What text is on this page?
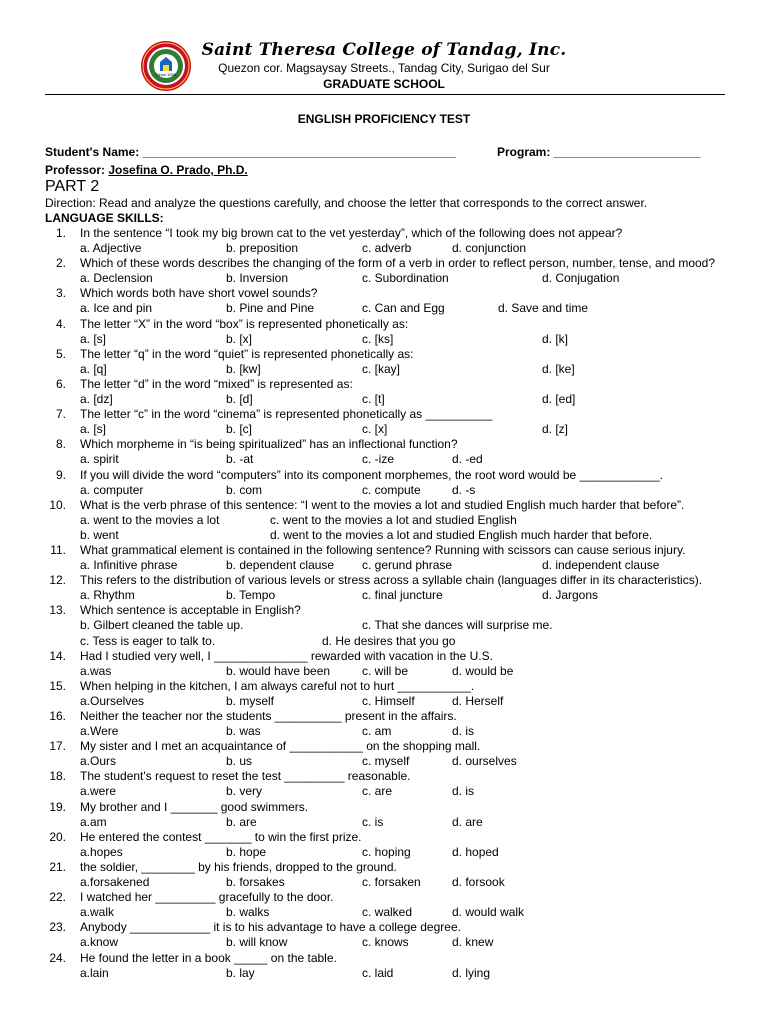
Since 1933
Saint Theresa College of Tandag, Inc.
Quezon cor. Magsaysay Streets., Tandag City, Surigao del Sur
GRADUATE SCHOOL
ENGLISH PROFICIENCY TEST
Student's Name: _______________________________________________	Program: ______________________
Professor: Josefina O. Prado, Ph.D.
PART 2
Direction: Read and analyze the questions carefully, and choose the letter that corresponds to the correct answer.
LANGUAGE SKILLS:
1. In the sentence “I took my big brown cat to the vet yesterday”, which of the following does not appear?
a. Adjective	b. preposition	c. adverb	d. conjunction
2. Which of these words describes the changing of the form of a verb in order to reflect person, number, tense, and mood?
a. Declension	b. Inversion	c. Subordination	d. Conjugation
3. Which words both have short vowel sounds?
a. Ice and pin	b. Pine and Pine	c. Can and Egg	d. Save and time
4. The letter “X” in the word “box” is represented phonetically as:
a. [s]	b. [x]	c. [ks]	d. [k]
5. The letter “q” in the word “quiet” is represented phonetically as:
a. [q]	b. [kw]	c. [kay]	d. [ke]
6. The letter “d” in the word “mixed” is represented as:
a. [dz]	b. [d]	c. [t]	d. [ed]
7. The letter “c” in the word “cinema” is represented phonetically as __________
a. [s]	b. [c]	c. [x]	d. [z]
8. Which morpheme in “is being spiritualized” has an inflectional function?
a. spirit	b. -at	c. -ize	d. -ed
9. If you will divide the word “computers” into its component morphemes, the root word would be ____________.
a. computer	b. com	c. compute	d. -s
10. What is the verb phrase of this sentence: “I went to the movies a lot and studied English much harder that before”.
a. went to the movies a lot	c. went to the movies a lot and studied English
b. went	d. went to the movies a lot and studied English much harder that before.
11. What grammatical element is contained in the following sentence? Running with scissors can cause serious injury.
a. Infinitive phrase	b. dependent clause c. gerund phrase	d. independent clause
12. This refers to the distribution of various levels or stress across a syllable chain (languages differ in its characteristics).
a. Rhythm	b. Tempo	c. final juncture	d. Jargons
13. Which sentence is acceptable in English?
b. Gilbert cleaned the table up.	c. That she dances will surprise me.
c. Tess is eager to talk to.	d. He desires that you go
14. Had I studied very well, I ______________ rewarded with vacation in the U.S.
a.was	b. would have been	c. will be	d. would be
15. When helping in the kitchen, I am always careful not to hurt ___________.
a.Ourselves	b. myself	c. Himself	d. Herself
16. Neither the teacher nor the students __________ present in the affairs.
a.Were	b. was	c. am	d. is
17. My sister and I met an acquaintance of ___________ on the shopping mall.
a.Ours	b. us	c. myself	d. ourselves
18. The student's request to reset the test _________ reasonable.
a.were	b. very	c. are	d. is
19. My brother and I _______ good swimmers.
a.am	b. are	c. is	d. are
20. He entered the contest _______ to win the first prize.
a.hopes	b. hope	c. hoping	d. hoped
21. the soldier, ________ by his friends, dropped to the ground.
a.forsakened	b. forsakes	c. forsaken	d. forsook
22. I watched her _________ gracefully to the door.
a.walk	b. walks	c. walked	d. would walk
23. Anybody ____________ it is to his advantage to have a college degree.
a.know	b. will know	c. knows	d. knew
24. He found the letter in a book _____ on the table.
a.lain	b. lay	c. laid	d. lying
